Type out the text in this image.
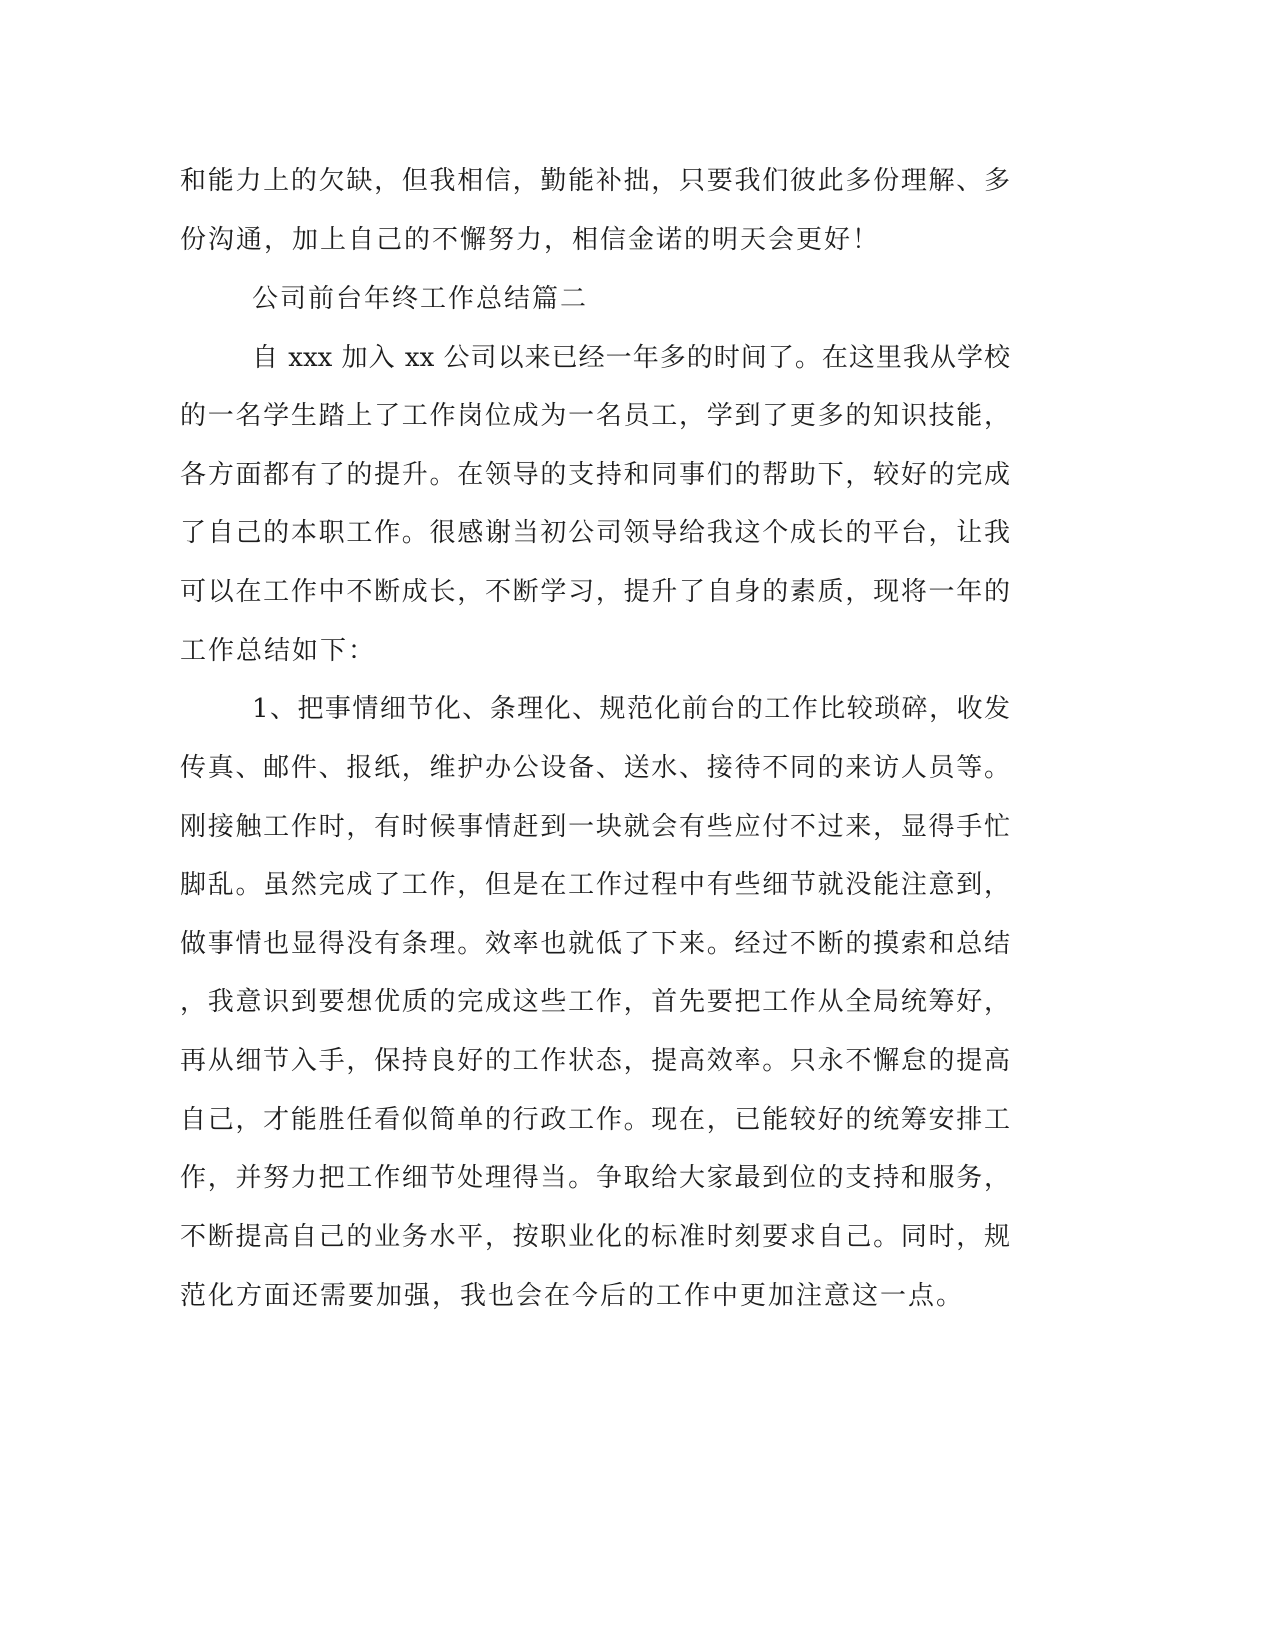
和能力上的欠缺，但我相信，勤能补拙，只要我们彼此多份理解、多

份沟通，加上自己的不懈努力，相信金诺的明天会更好！

公司前台年终工作总结篇二

自 xxx 加入 xx 公司以来已经一年多的时间了。在这里我从学校

的一名学生踏上了工作岗位成为一名员工，学到了更多的知识技能，

各方面都有了的提升。在领导的支持和同事们的帮助下，较好的完成

了自己的本职工作。很感谢当初公司领导给我这个成长的平台，让我

可以在工作中不断成长，不断学习，提升了自身的素质，现将一年的

工作总结如下：

1、把事情细节化、条理化、规范化前台的工作比较琐碎，收发

传真、邮件、报纸，维护办公设备、送水、接待不同的来访人员等。

刚接触工作时，有时候事情赶到一块就会有些应付不过来，显得手忙

脚乱。虽然完成了工作，但是在工作过程中有些细节就没能注意到，

做事情也显得没有条理。效率也就低了下来。经过不断的摸索和总结

，我意识到要想优质的完成这些工作，首先要把工作从全局统筹好，

再从细节入手，保持良好的工作状态，提高效率。只永不懈怠的提高

自己，才能胜任看似简单的行政工作。现在，已能较好的统筹安排工

作，并努力把工作细节处理得当。争取给大家最到位的支持和服务，

不断提高自己的业务水平，按职业化的标准时刻要求自己。同时，规

范化方面还需要加强，我也会在今后的工作中更加注意这一点。
